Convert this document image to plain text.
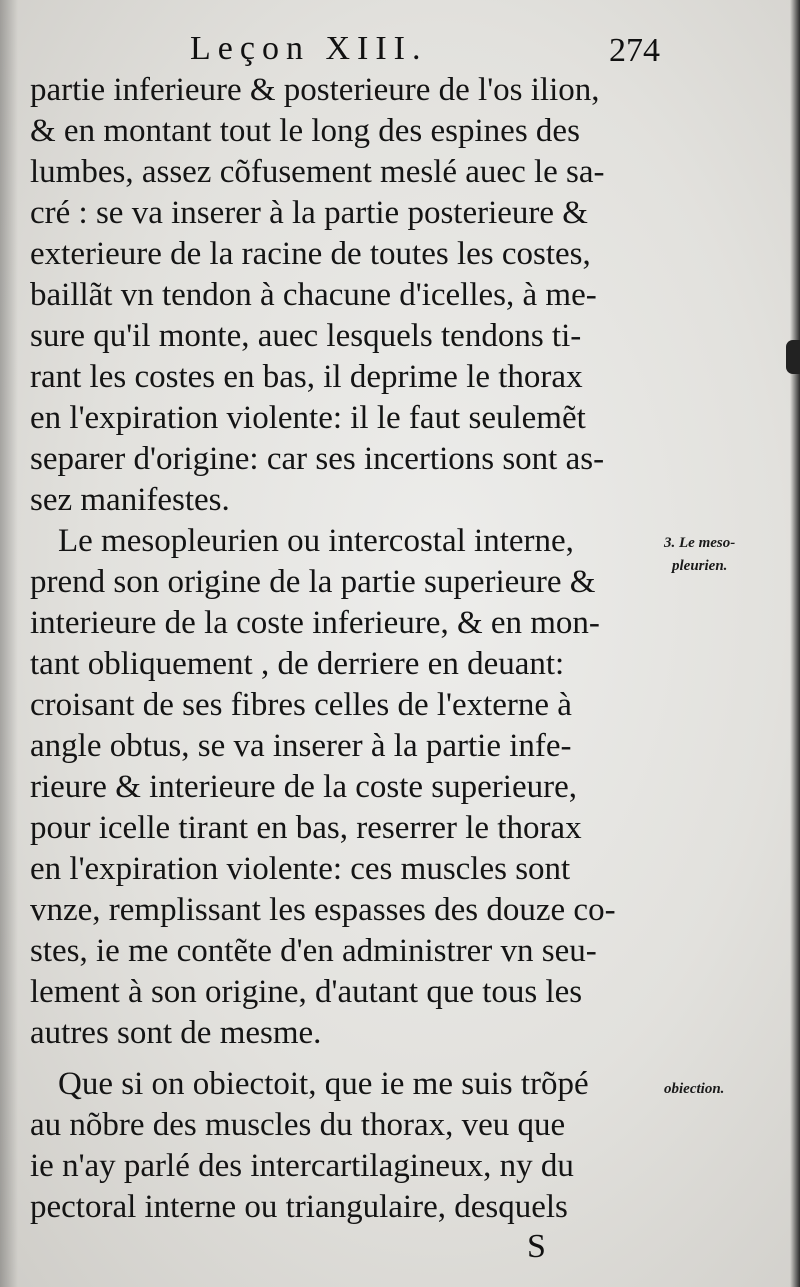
Leçon XIII.	274
partie inferieure & posterieure de l'os ilion,
& en montant tout le long des espines des
lumbes, assez cõfusement meslé auec le sa-
cré : se va inserer à la partie posterieure &
exterieure de la racine de toutes les costes,
baillãt vn tendon à chacune d'icelles, à me-
sure qu'il monte, auec lesquels tendons ti-
rant les costes en bas, il deprime le thorax
en l'expiration violente: il le faut seulemẽt
separer d'origine: car ses incertions sont as-
sez manifestes.
Le mesopleurien ou intercostal interne,
prend son origine de la partie superieure &
interieure de la coste inferieure, & en mon-
tant obliquement , de derriere en deuant:
croisant de ses fibres celles de l'externe à
angle obtus, se va inserer à la partie infe-
rieure & interieure de la coste superieure,
pour icelle tirant en bas, reserrer le thorax
en l'expiration violente: ces muscles sont
vnze, remplissant les espasses des douze co-
stes, ie me contẽte d'en administrer vn seu-
lement à son origine, d'autant que tous les
autres sont de mesme.
Que si on obiectoit, que ie me suis trõpé
au nõbre des muscles du thorax, veu que
ie n'ay parlé des intercartilagineux, ny du
pectoral interne ou triangulaire, desquels
3. Le meso-
pleurien.
obiection.
S
